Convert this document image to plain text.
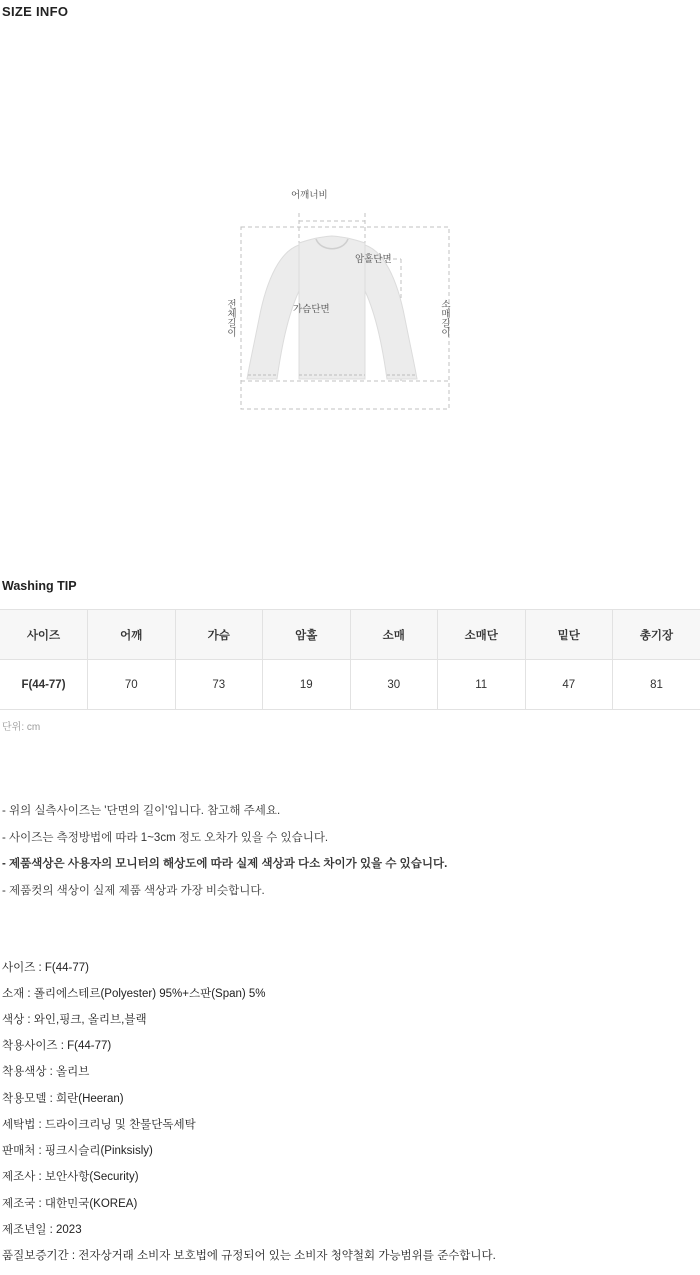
SIZE INFO
어깨너비
암홀단면
가슴단면
전체길이	소매길이
Washing TIP
사이즈	어깨	가슴	암홀	소매	소매단	밑단	총기장
F(44-77)	70	73	19	30	11	47	81
단위: cm
- 위의 실측사이즈는 '단면의 길이'입니다. 참고해 주세요.
- 사이즈는 측정방법에 따라 1~3cm 정도 오차가 있을 수 있습니다.
- 제품색상은 사용자의 모니터의 해상도에 따라 실제 색상과 다소 차이가 있을 수 있습니다.
- 제품컷의 색상이 실제 제품 색상과 가장 비슷합니다.
사이즈 : F(44-77)
소재 : 폴리에스테르(Polyester) 95%+스판(Span) 5%
색상 : 와인,핑크, 올리브,블랙
착용사이즈 : F(44-77)
착용색상 : 올리브
착용모델 : 희란(Heeran)
세탁법 : 드라이크리닝 및 찬물단독세탁
판매처 : 핑크시슬리(Pinksisly)
제조사 : 보안사항(Security)
제조국 : 대한민국(KOREA)
제조년일 : 2023
품질보증기간 : 전자상거래 소비자 보호법에 규정되어 있는 소비자 청약철회 가능범위를 준수합니다.
